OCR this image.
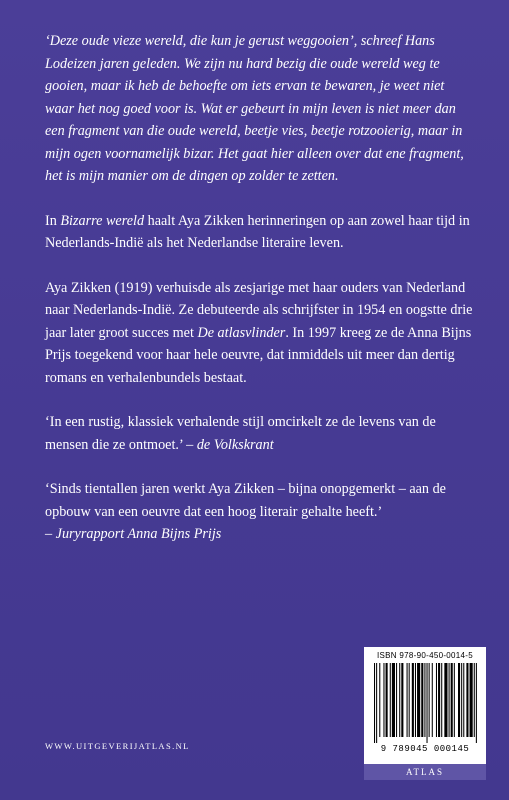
‘Deze oude vieze wereld, die kun je gerust weggooien’, schreef Hans Lodeizen jaren geleden. We zijn nu hard bezig die oude wereld weg te gooien, maar ik heb de behoefte om iets ervan te bewaren, je weet niet waar het nog goed voor is. Wat er gebeurt in mijn leven is niet meer dan een fragment van die oude wereld, beetje vies, beetje rotzooierig, maar in mijn ogen voornamelijk bizar. Het gaat hier alleen over dat ene fragment, het is mijn manier om de dingen op zolder te zetten.

In Bizarre wereld haalt Aya Zikken herinneringen op aan zowel haar tijd in Nederlands-Indië als het Nederlandse literaire leven.

Aya Zikken (1919) verhuisde als zesjarige met haar ouders van Nederland naar Nederlands-Indië. Ze debuteerde als schrijfster in 1954 en oogstte drie jaar later groot succes met De atlasvlinder. In 1997 kreeg ze de Anna Bijns Prijs toegekend voor haar hele oeuvre, dat inmiddels uit meer dan dertig romans en verhalenbundels bestaat.

‘In een rustig, klassiek verhalende stijl omcirkelt ze de levens van de mensen die ze ontmoet.’ – de Volkskrant

‘Sinds tientallen jaren werkt Aya Zikken – bijna onopgemerkt – aan de opbouw van een oeuvre dat een hoog literair gehalte heeft.’
– Juryrapport Anna Bijns Prijs

WWW.UITGEVERIJATLAS.NL
ISBN 978-90-450-0014-5
9 789045 000145
ATLAS
